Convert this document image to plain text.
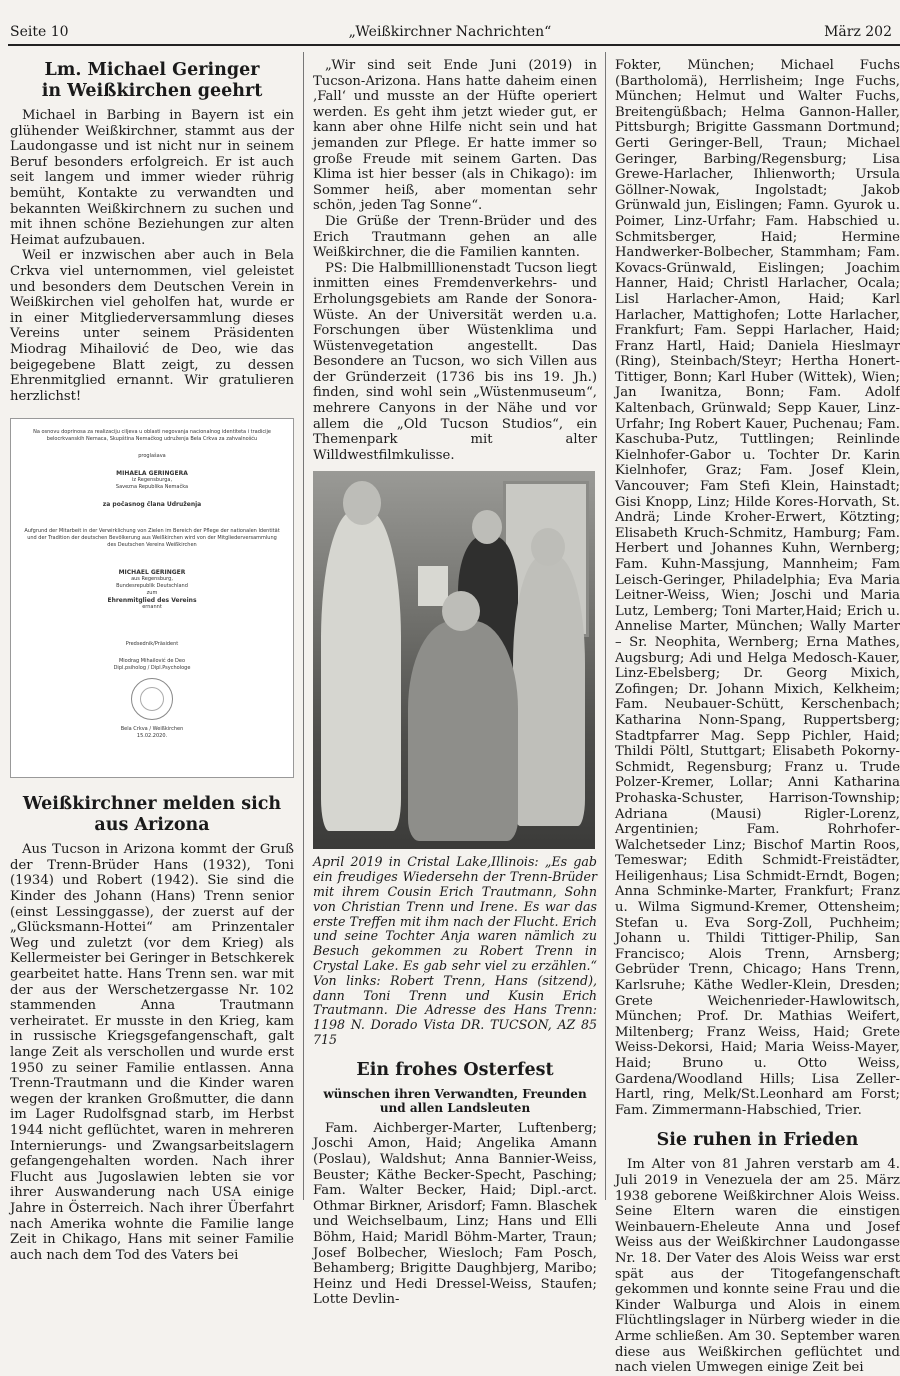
Seite 10	„Weißkirchner Nachrichten“	März 202
Lm. Michael Geringer
in Weißkirchen geehrt

Michael in Barbing in Bayern ist ein glühender Weißkirchner, stammt aus der Laudongasse und ist nicht nur in seinem Beruf besonders erfolgreich. Er ist auch seit langem und immer wieder rührig bemüht, Kontakte zu verwandten und bekannten Weißkirchnern zu suchen und mit ihnen schöne Beziehungen zur alten Heimat aufzubauen.

Weil er inzwischen aber auch in Bela Crkva viel unternommen, viel geleistet und besonders dem Deutschen Verein in Weißkirchen viel geholfen hat, wurde er in einer Mitgliederversammlung dieses Vereins unter seinem Präsidenten Miodrag Mihailović de Deo, wie das beigegebene Blatt zeigt, zu dessen Ehrenmitglied ernannt. Wir gratulieren herzlichst!

Na osnovu doprinosa za realizaciju ciljeva u oblasti negovanja nacionalnog identiteta i tradicije belocrkvanskih Nemaca, Skupština Nemačkog udruženja Bela Crkva za zahvalnošću
proglašava
MIHAELA GERINGERA
iz Regensburga,
Savezna Republika Nemačka
za počasnog člana Udruženja
Aufgrund der Mitarbeit in der Verwirklichung von Zielen im Bereich der Pflege der nationalen Identität und der Tradition der deutschen Bevölkerung aus Weißkirchen wird von der Mitgliederversammlung des Deutschen Vereins Weißkirchen
MICHAEL GERINGER
aus Regensburg,
Bundesrepublik Deutschland
zum
Ehrenmitglied des Vereins
ernannt
Predsednik/Präsident
Miodrag Mihailović de Deo
Dipl.psiholog / Dipl.Psychologe
Bela Crkva / Weißkirchen
15.02.2020.
Weißkirchner melden sich
aus Arizona

Aus Tucson in Arizona kommt der Gruß der Trenn-Brüder Hans (1932), Toni (1934) und Robert (1942). Sie sind die Kinder des Johann (Hans) Trenn senior (einst Lessinggasse), der zuerst auf der „Glücksmann-Hottei“ am Prinzentaler Weg und zuletzt (vor dem Krieg) als Kellermeister bei Geringer in Betschkerek gearbeitet hatte. Hans Trenn sen. war mit der aus der Werschetzergasse Nr. 102 stammenden Anna Trautmann verheiratet. Er musste in den Krieg, kam in russische Kriegsgefangenschaft, galt lange Zeit als verschollen und wurde erst 1950 zu seiner Familie entlassen. Anna Trenn-Trautmann und die Kinder waren wegen der kranken Großmutter, die dann im Lager Rudolfsgnad starb, im Herbst 1944 nicht geflüchtet, waren in mehreren Internierungs- und Zwangsarbeitslagern gefangengehalten worden. Nach ihrer Flucht aus Jugoslawien lebten sie vor ihrer Auswanderung nach USA einige Jahre in Österreich. Nach ihrer Überfahrt nach Amerika wohnte die Familie lange Zeit in Chikago, Hans mit seiner Familie auch nach dem Tod des Vaters bei

„Wir sind seit Ende Juni (2019) in Tucson-Arizona. Hans hatte daheim einen ‚Fall‘ und musste an der Hüfte operiert werden. Es geht ihm jetzt wieder gut, er kann aber ohne Hilfe nicht sein und hat jemanden zur Pflege. Er hatte immer so große Freude mit seinem Garten. Das Klima ist hier besser (als in Chikago): im Sommer heiß, aber momentan sehr schön, jeden Tag Sonne“.

Die Grüße der Trenn-Brüder und des Erich Trautmann gehen an alle Weißkirchner, die die Familien kannten.

PS: Die Halbmilllionenstadt Tucson liegt inmitten eines Fremdenverkehrs- und Erholungsgebiets am Rande der Sonora-Wüste. An der Universität werden u.a. Forschungen über Wüstenklima und Wüstenvegetation angestellt. Das Besondere an Tucson, wo sich Villen aus der Gründerzeit (1736 bis ins 19. Jh.) finden, sind wohl sein „Wüstenmuseum“, mehrere Canyons in der Nähe und vor allem die „Old Tucson Studios“, ein Themenpark mit alter Willdwestfilmkulisse.

April 2019 in Cristal Lake,Illinois: „Es gab ein freudiges Wiedersehn der Trenn-Brüder mit ihrem Cousin Erich Trautmann, Sohn von Christian Trenn und Irene. Es war das erste Treffen mit ihm nach der Flucht. Erich und seine Tochter Anja waren nämlich zu Besuch gekommen zu Robert Trenn in Crystal Lake. Es gab sehr viel zu erzählen.“ Von links: Robert Trenn, Hans (sitzend), dann Toni Trenn und Kusin Erich Trautmann. Die Adresse des Hans Trenn: 1198 N. Dorado Vista DR. TUCSON, AZ 85 715
Ein frohes Osterfest
wünschen ihren Verwandten, Freunden und allen Landsleuten

Fam. Aichberger-Marter, Luftenberg; Joschi Amon, Haid; Angelika Amann (Poslau), Waldshut; Anna Bannier-Weiss, Beuster; Käthe Becker-Specht, Pasching; Fam. Walter Becker, Haid; Dipl.-arct. Othmar Birkner, Arisdorf; Famn. Blaschek und Weichselbaum, Linz; Hans und Elli Böhm, Haid; Maridl Böhm-Marter, Traun; Josef Bolbecher, Wiesloch; Fam Posch, Behamberg; Brigitte Daughbjerg, Maribo; Heinz und Hedi Dressel-Weiss, Staufen; Lotte Devlin-

Fokter, München; Michael Fuchs (Bartholomä), Herrlisheim; Inge Fuchs, München; Helmut und Walter Fuchs, Breitengüßbach; Helma Gannon-Haller, Pittsburgh; Brigitte Gassmann Dortmund; Gerti Geringer-Bell, Traun; Michael Geringer, Barbing/Regensburg; Lisa Grewe-Harlacher, Ihlienworth; Ursula Göllner-Nowak, Ingolstadt; Jakob Grünwald jun, Eislingen; Famn. Gyurok u. Poimer, Linz-Urfahr; Fam. Habschied u. Schmitsberger, Haid; Hermine Handwerker-Bolbecher, Stammham; Fam. Kovacs-Grünwald, Eislingen; Joachim Hanner, Haid; Christl Harlacher, Ocala; Lisl Harlacher-Amon, Haid; Karl Harlacher, Mattighofen; Lotte Harlacher, Frankfurt; Fam. Seppi Harlacher, Haid; Franz Hartl, Haid; Daniela Hieslmayr (Ring), Steinbach/Steyr; Hertha Honert-Tittiger, Bonn; Karl Huber (Wittek), Wien; Jan Iwanitza, Bonn; Fam. Adolf Kaltenbach, Grünwald; Sepp Kauer, Linz-Urfahr; Ing Robert Kauer, Puchenau; Fam. Kaschuba-Putz, Tuttlingen; Reinlinde Kielnhofer-Gabor u. Tochter Dr. Karin Kielnhofer, Graz; Fam. Josef Klein, Vancouver; Fam Stefi Klein, Hainstadt; Gisi Knopp, Linz; Hilde Kores-Horvath, St. Andrä; Linde Kroher-Erwert, Kötzting; Elisabeth Kruch-Schmitz, Hamburg; Fam. Herbert und Johannes Kuhn, Wernberg; Fam. Kuhn-Massjung, Mannheim; Fam Leisch-Geringer, Philadelphia; Eva Maria Leitner-Weiss, Wien; Joschi und Maria Lutz, Lemberg; Toni Marter,Haid; Erich u. Annelise Marter, München; Wally Marter – Sr. Neophita, Wernberg; Erna Mathes, Augsburg; Adi und Helga Medosch-Kauer, Linz-Ebelsberg; Dr. Georg Mixich, Zofingen; Dr. Johann Mixich, Kelkheim; Fam. Neubauer-Schütt, Kerschenbach; Katharina Nonn-Spang, Ruppertsberg; Stadtpfarrer Mag. Sepp Pichler, Haid; Thildi Pöltl, Stuttgart; Elisabeth Pokorny-Schmidt, Regensburg; Franz u. Trude Polzer-Kremer, Lollar; Anni Katharina Prohaska-Schuster, Harrison-Township; Adriana (Mausi) Rigler-Lorenz, Argentinien; Fam. Rohrhofer-Walchetseder Linz; Bischof Martin Roos, Temeswar; Edith Schmidt-Freistädter, Heiligenhaus; Lisa Schmidt-Erndt, Bogen; Anna Schminke-Marter, Frankfurt; Franz u. Wilma Sigmund-Kremer, Ottensheim; Stefan u. Eva Sorg-Zoll, Puchheim; Johann u. Thildi Tittiger-Philip, San Francisco; Alois Trenn, Arnsberg; Gebrüder Trenn, Chicago; Hans Trenn, Karlsruhe; Käthe Wedler-Klein, Dresden; Grete Weichenrieder-Hawlowitsch, München; Prof. Dr. Mathias Weifert, Miltenberg; Franz Weiss, Haid; Grete Weiss-Dekorsi, Haid; Maria Weiss-Mayer, Haid; Bruno u. Otto Weiss, Gardena/Woodland Hills; Lisa Zeller-Hartl, ring, Melk/St.Leonhard am Forst; Fam. Zimmermann-Habschied, Trier.

Sie ruhen in Frieden

Im Alter von 81 Jahren verstarb am 4. Juli 2019 in Venezuela der am 25. März 1938 geborene Weißkirchner Alois Weiss. Seine Eltern waren die einstigen Weinbauern-Eheleute Anna und Josef Weiss aus der Weißkirchner Laudongasse Nr. 18. Der Vater des Alois Weiss war erst spät aus der Titogefangenschaft gekommen und konnte seine Frau und die Kinder Walburga und Alois in einem Flüchtlingslager in Nürberg wieder in die Arme schließen. Am 30. September waren diese aus Weißkirchen geflüchtet und nach vielen Umwegen einige Zeit bei
